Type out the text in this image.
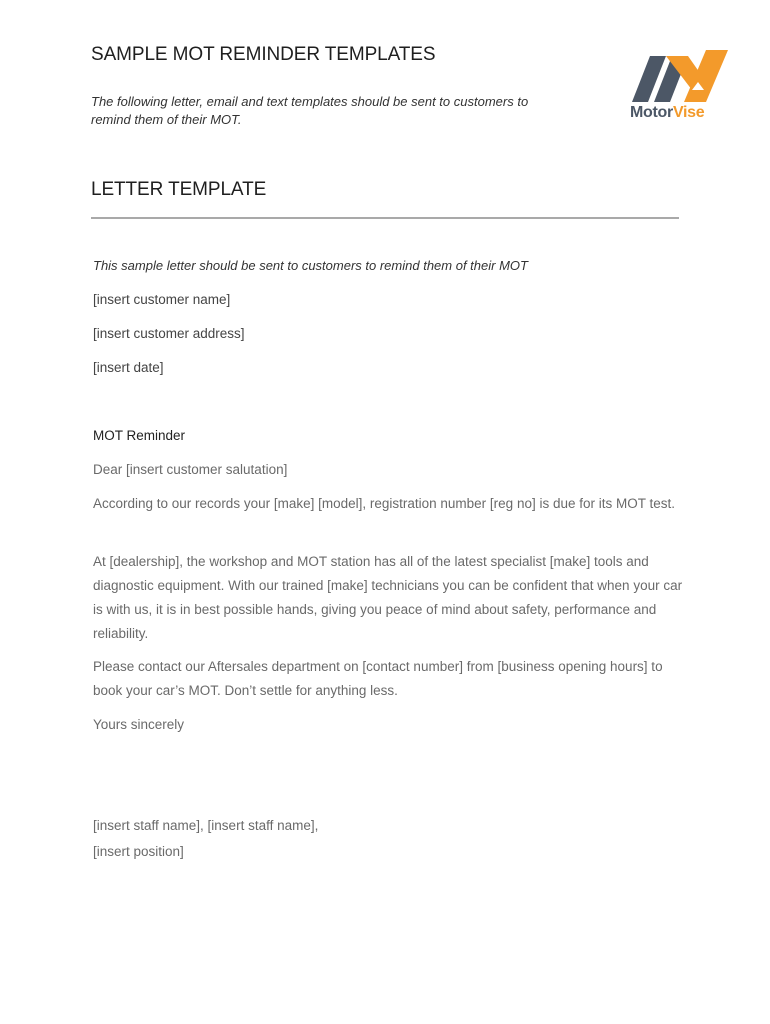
SAMPLE MOT REMINDER TEMPLATES

The following letter, email and text templates should be sent to customers to remind them of their MOT.	MotorVise
LETTER TEMPLATE

This sample letter should be sent to customers to remind them of their MOT

[insert customer name]

[insert customer address]

[insert date]

MOT Reminder

Dear [insert customer salutation]

According to our records your [make] [model], registration number [reg no] is due for its MOT test.

At [dealership], the workshop and MOT station has all of the latest specialist [make] tools and diagnostic equipment. With our trained [make] technicians you can be confident that when your car is with us, it is in best possible hands, giving you peace of mind about safety, performance and reliability.

Please contact our Aftersales department on [contact number] from [business opening hours] to book your car’s MOT. Don’t settle for anything less.

Yours sincerely

[insert staff name], [insert staff name],

[insert position]
